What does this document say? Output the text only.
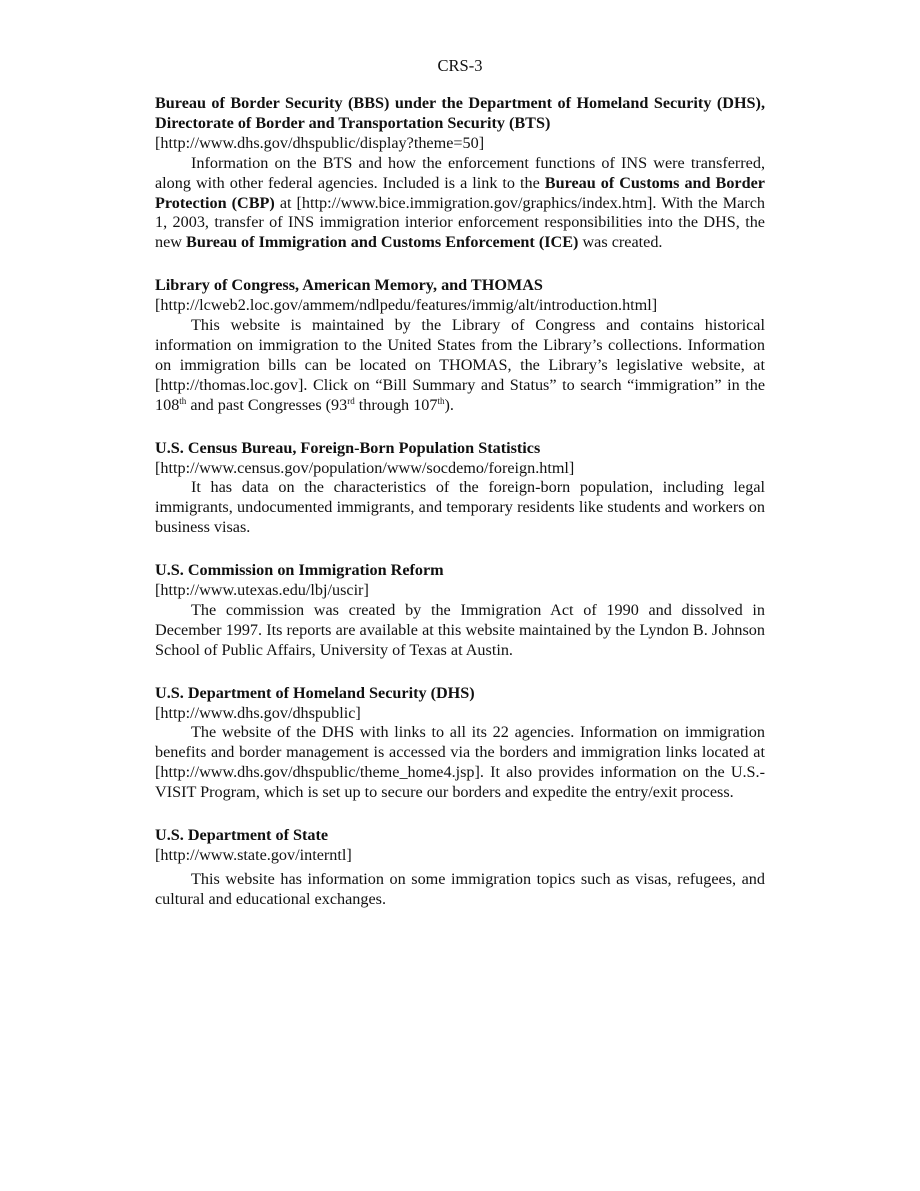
CRS-3

Bureau of Border Security (BBS) under the Department of Homeland Security (DHS), Directorate of Border and Transportation Security (BTS)

[http://www.dhs.gov/dhspublic/display?theme=50]

Information on the BTS and how the enforcement functions of INS were transferred, along with other federal agencies. Included is a link to the Bureau of Customs and Border Protection (CBP) at [http://www.bice.immigration.gov/graphics/index.htm]. With the March 1, 2003, transfer of INS immigration interior enforcement responsibilities into the DHS, the new Bureau of Immigration and Customs Enforcement (ICE) was created.

Library of Congress, American Memory, and THOMAS

[http://lcweb2.loc.gov/ammem/ndlpedu/features/immig/alt/introduction.html]

This website is maintained by the Library of Congress and contains historical information on immigration to the United States from the Library’s collections. Information on immigration bills can be located on THOMAS, the Library’s legislative website, at [http://thomas.loc.gov]. Click on “Bill Summary and Status” to search “immigration” in the 108th and past Congresses (93rd through 107th).

U.S. Census Bureau, Foreign-Born Population Statistics

[http://www.census.gov/population/www/socdemo/foreign.html]

It has data on the characteristics of the foreign-born population, including legal immigrants, undocumented immigrants, and temporary residents like students and workers on business visas.

U.S. Commission on Immigration Reform

[http://www.utexas.edu/lbj/uscir]

The commission was created by the Immigration Act of 1990 and dissolved in December 1997. Its reports are available at this website maintained by the Lyndon B. Johnson School of Public Affairs, University of Texas at Austin.

U.S. Department of Homeland Security (DHS)

[http://www.dhs.gov/dhspublic]

The website of the DHS with links to all its 22 agencies. Information on immigration benefits and border management is accessed via the borders and immigration links located at [http://www.dhs.gov/dhspublic/theme_home4.jsp]. It also provides information on the U.S.-VISIT Program, which is set up to secure our borders and expedite the entry/exit process.

U.S. Department of State

[http://www.state.gov/interntl]

This website has information on some immigration topics such as visas, refugees, and cultural and educational exchanges.
